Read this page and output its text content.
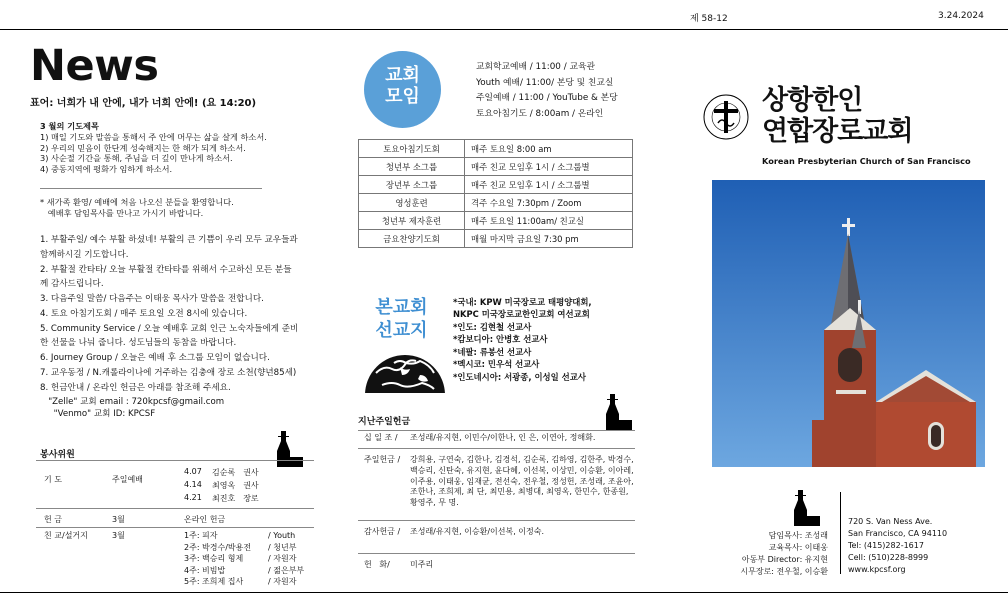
제 58-12	3.24.2024
News
표어: 너희가 내 안에, 내가 너희 안에! (요 14:20)
3 월의 기도제목
1) 매일 기도와 말씀을 통해서 주 안에 머무는 삶을 살게 하소서.
2) 우리의 믿음이 한단계 성숙해지는 한 해가 되게 하소서.
3) 사순절 기간을 통해, 주님을 더 깊이 만나게 하소서.
4) 중동지역에 평화가 임하게 하소서.
* 새가족 환영/ 예배에 처음 나오신 분들을 환영합니다.
예배후 담임목사를 만나고 가시기 바랍니다.
1. 부활주일/ 예수 부활 하셨네! 부활의 큰 기쁨이 우리 모두 교우들과
함께하시길 기도합니다.
2. 부활절 칸타타/ 오늘 부활절 칸타타를 위해서 수고하신 모든 분들
께 감사드립니다.
3. 다음주일 말씀/ 다음주는 이태웅 목사가 말씀을 전합니다.
4. 토요 아침기도회 / 매주 토요일 오전 8시에 있습니다.
5. Community Service / 오늘 예배후 교회 인근 노숙자들에게 준비
한 선물을 나눠 줍니다. 성도님들의 동참을 바랍니다.
6. Journey Group / 오늘은 예배 후 소그룹 모임이 없습니다.
7. 교우동정 / N.캐롤라이나에 거주하는 김충애 장로 소천(향년85세)
8. 헌금안내 / 온라인 헌금은 아래를 참조해 주세요.
"Zelle" 교회 email : 720kpcsf@gmail.com
"Venmo" 교회 ID: KPCSF
봉사위원
기 도	주일예배	4.07	김순록	권사
		4.14	최영옥	권사
		4.21	최진호	장로
헌 금	3월	온라인 헌금
친 교/설거지	3월	1주: 피자	/ Youth
		2주: 박경수/박용전	/ 청년부
		3주: 백승리 형제	/ 자원자
		4주: 비빔밥	/ 젊은부부
		5주: 조희제 집사	/ 자원자
교회
모임
교회학교예배 / 11:00 / 교육관
Youth 예배/ 11:00/ 본당 및 친교실
주일예배 / 11:00 / YouTube & 본당
토요아침기도 / 8:00am / 온라인
토요아침기도회	매주 토요일 8:00 am
청년부 소그룹	매주 친교 모임후 1시 / 소그룹별
장년부 소그룹	매주 친교 모임후 1시 / 소그룹별
영성훈련	격주 수요일 7:30pm / Zoom
청년부 제자훈련	매주 토요일 11:00am/ 친교실
금요찬양기도회	매월 마지막 금요일 7:30 pm
본교회
선교지
*국내: KPW 미국장로교 태평양대회,
NKPC 미국장로교한인교회 여선교회
*인도: 김현철 선교사
*캄보디아: 안병호 선교사
*네팔: 류봉선 선교사
*멕시코: 민우석 선교사
*인도네시아: 서광종, 이성일 선교사
지난주일헌금
십 일 조 /	조성래/유지현, 이민수/이한나, 인 은, 이연아, 정해화.
주일헌금 /	강희용, 구연숙, 김한나, 김경석, 김순록, 김하영, 김한주, 박경수, 백승리, 신탄숙, 유지현, 윤다혜, 이선복, 이상민, 이승환, 이아레, 이주용, 이태웅, 임재균, 전선숙, 전우철, 정성헌, 조성래, 조윤아, 조한나, 조희제, 최 단, 최민용, 최병대, 최영옥, 한민수, 한종원, 황영주, 무 명.
감사헌금 /	조성래/유지현, 이승환/이선복, 이정숙.
헌   화/	미주리
상항한인
연합장로교회
Korean Presbyterian Church of San Francisco
담임목사: 조성래
교육목사: 이태웅
아동부 Director: 유지현
시무장로: 전우철, 이승환
720 S. Van Ness Ave.
San Francisco, CA 94110
Tel: (415)282-1617
Cell: (510)228-8999
www.kpcsf.org
